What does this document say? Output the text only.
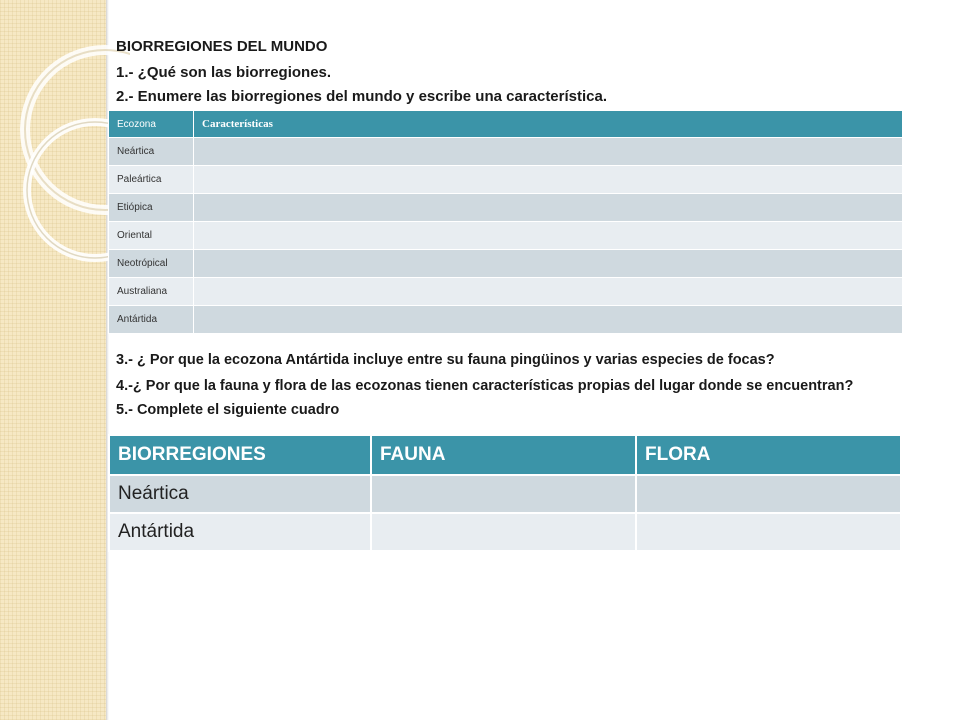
BIORREGIONES DEL MUNDO
1.- ¿Qué son las biorregiones.
2.- Enumere las biorregiones del mundo y escribe una característica.
Ecozona	Características
Neártica	
Paleártica	
Etiópica	
Oriental	
Neotrópical	
Australiana	
Antártida	
3.- ¿ Por que la ecozona Antártida incluye entre su fauna pingüinos y varias especies de focas?
4.-¿ Por que la fauna y flora de las ecozonas tienen características propias del lugar donde se encuentran?
5.- Complete el siguiente cuadro
BIORREGIONES	FAUNA	FLORA
Neártica		
Antártida		
